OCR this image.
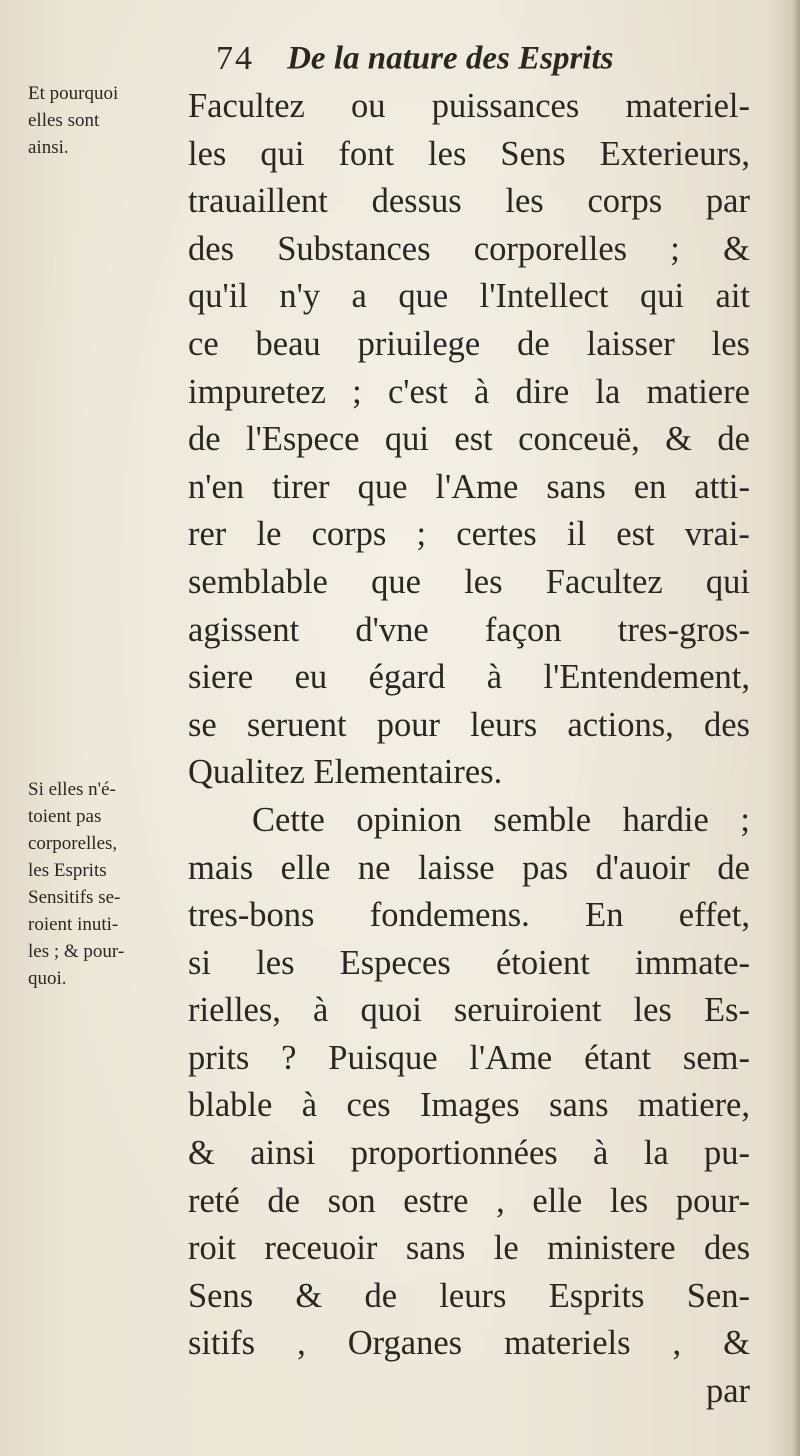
74 De la nature des Esprits
Et pourquoi
elles sont
ainsi.
Si elles n'é-
toient pas
corporelles,
les Esprits
Sensitifs se-
roient inuti-
les ; & pour-
quoi.
Facultez ou puissances materiel-
les qui font les Sens Exterieurs,
trauaillent dessus les corps par
des Substances corporelles ; &
qu'il n'y a que l'Intellect qui ait
ce beau priuilege de laisser les
impuretez ; c'est à dire la matiere
de l'Espece qui est conceuë, & de
n'en tirer que l'Ame sans en atti-
rer le corps ; certes il est vrai-
semblable que les Facultez qui
agissent d'vne façon tres-gros-
siere eu égard à l'Entendement,
se seruent pour leurs actions, des
Qualitez Elementaires.
Cette opinion semble hardie ;
mais elle ne laisse pas d'auoir de
tres-bons fondemens. En effet,
si les Especes étoient immate-
rielles, à quoi seruiroient les Es-
prits ? Puisque l'Ame étant sem-
blable à ces Images sans matiere,
& ainsi proportionnées à la pu-
reté de son estre , elle les pour-
roit receuoir sans le ministere des
Sens & de leurs Esprits Sen-
sitifs , Organes materiels , &
par
